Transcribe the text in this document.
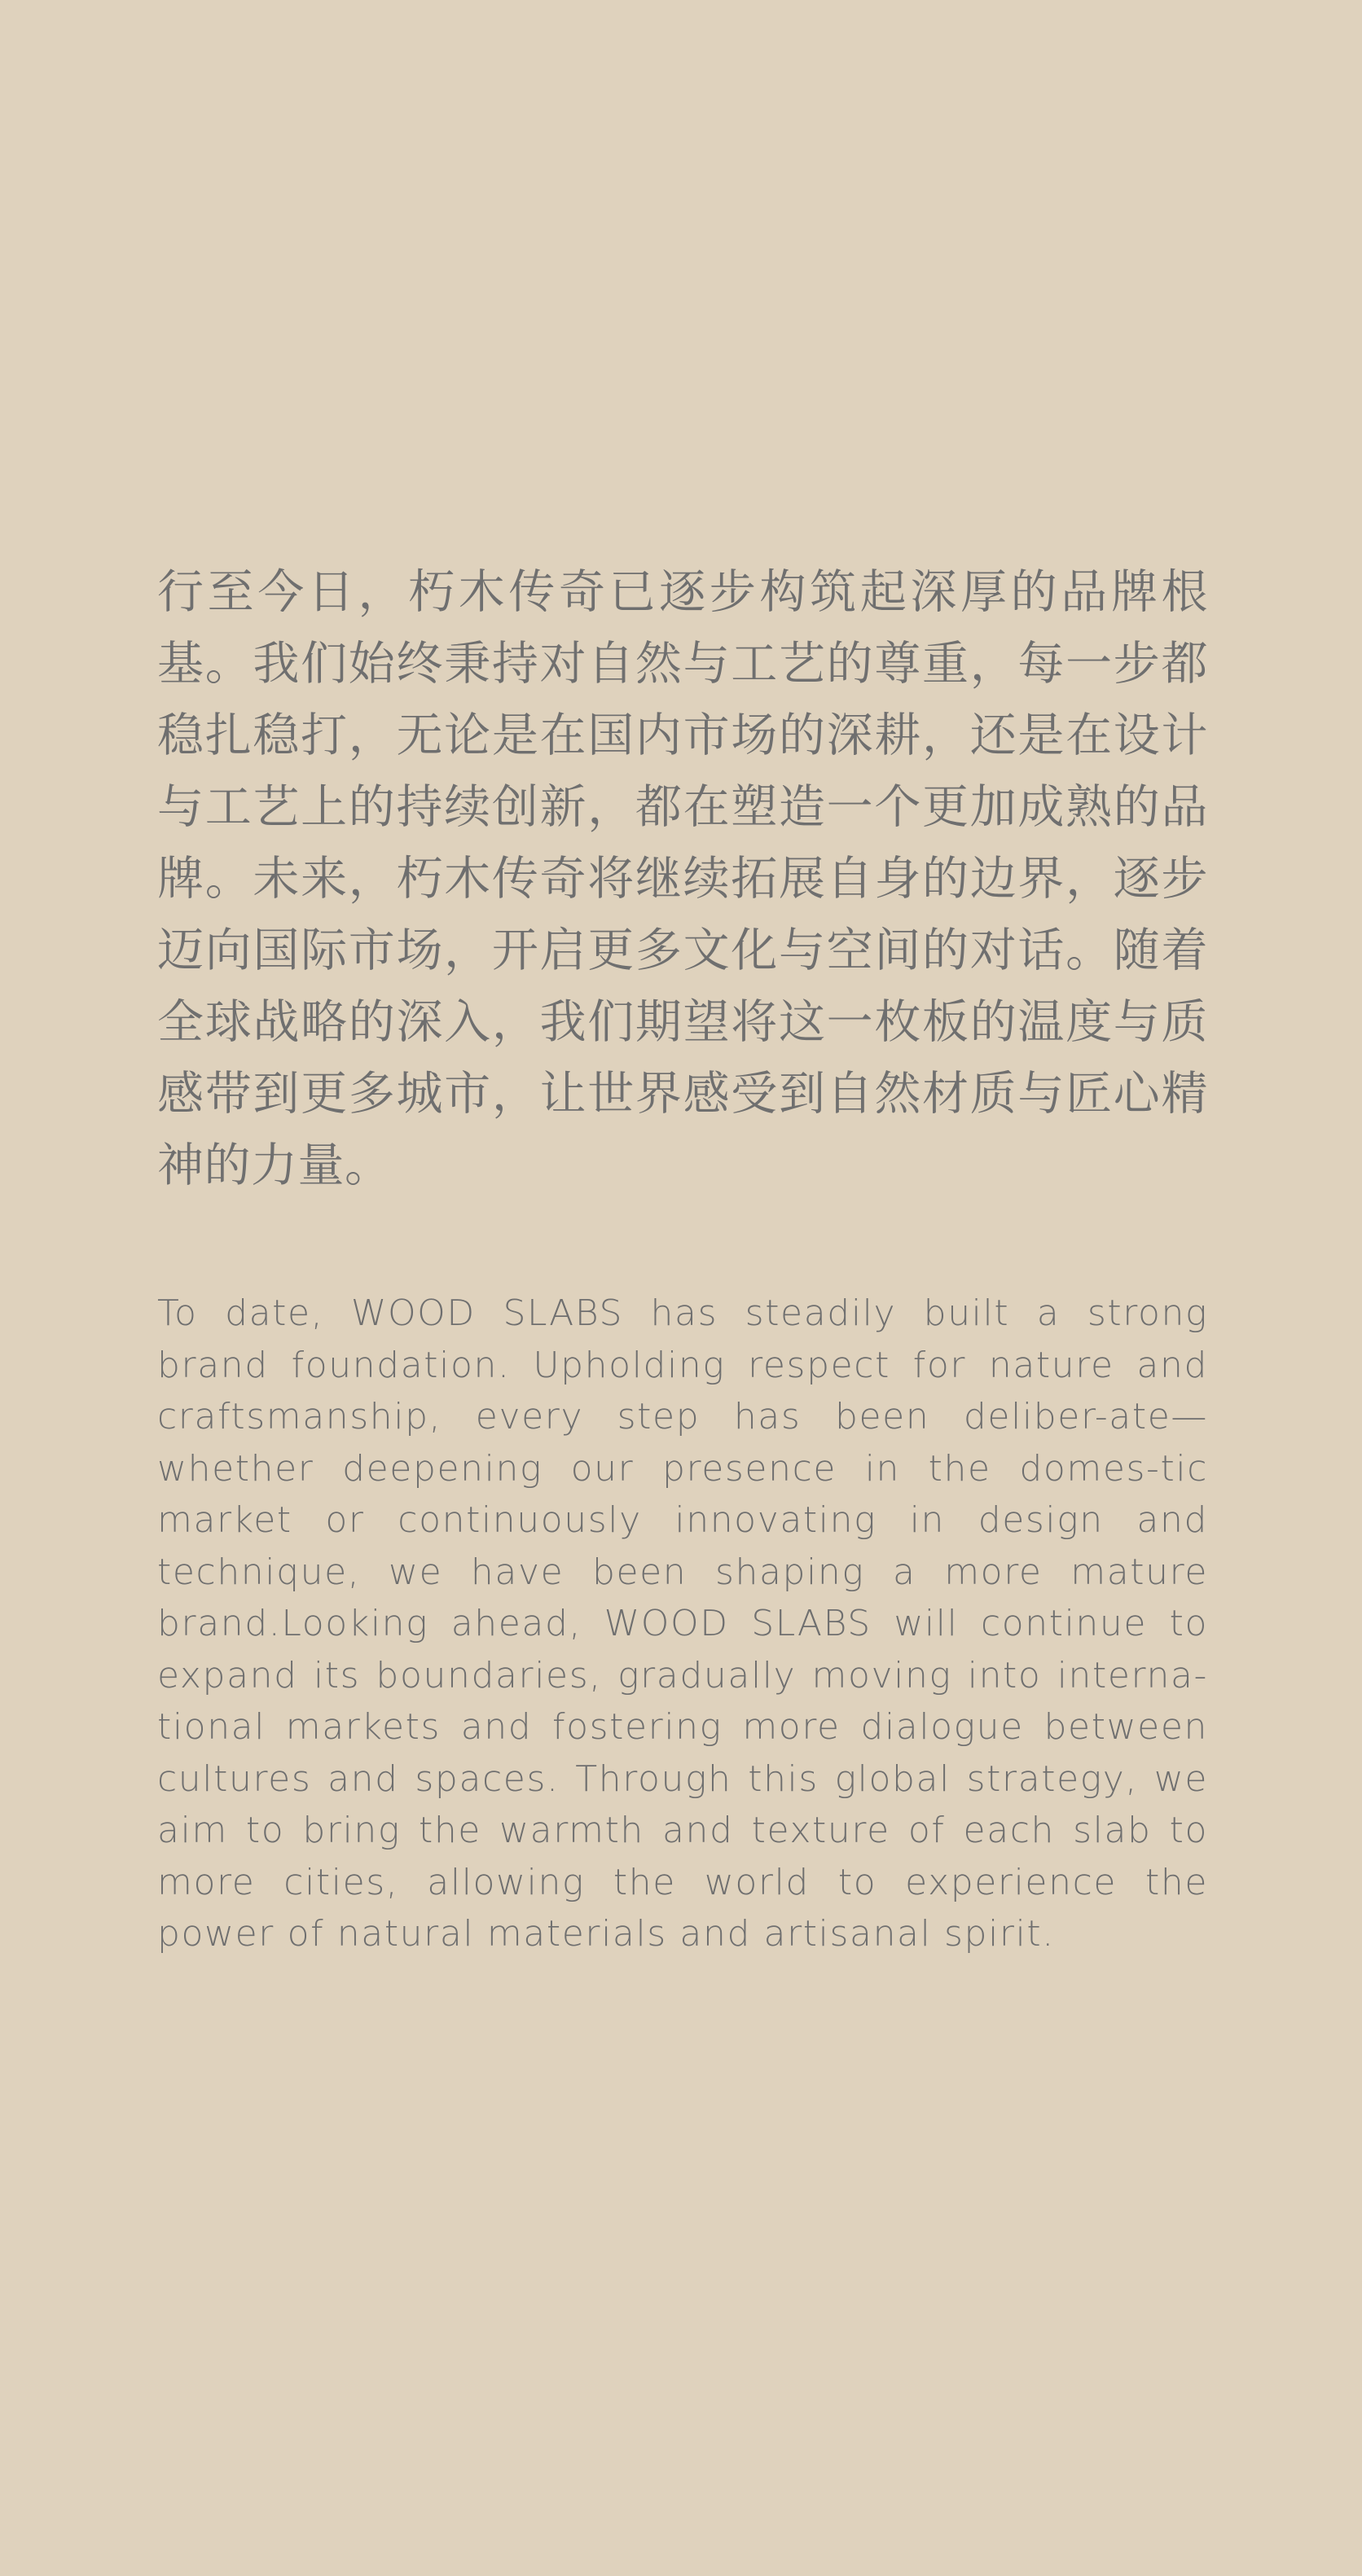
行至今日，朽木传奇已逐步构筑起深厚的品牌根基。我们始终秉持对自然与工艺的尊重，每一步都稳扎稳打，无论是在国内市场的深耕，还是在设计与工艺上的持续创新，都在塑造一个更加成熟的品牌。未来，朽木传奇将继续拓展自身的边界，逐步迈向国际市场，开启更多文化与空间的对话。随着全球战略的深入，我们期望将这一枚板的温度与质感带到更多城市，让世界感受到自然材质与匠心精神的力量。

To date, WOOD SLABS has steadily built a strong brand foundation. Upholding respect for nature and craftsmanship, every step has been deliber-ate—whether deepening our presence in the domes-tic market or continuously innovating in design and technique, we have been shaping a more mature brand.Looking ahead, WOOD SLABS will continue to expand its boundaries, gradually moving into interna-tional markets and fostering more dialogue between cultures and spaces. Through this global strategy, we aim to bring the warmth and texture of each slab to more cities, allowing the world to experience the power of natural materials and artisanal spirit.
